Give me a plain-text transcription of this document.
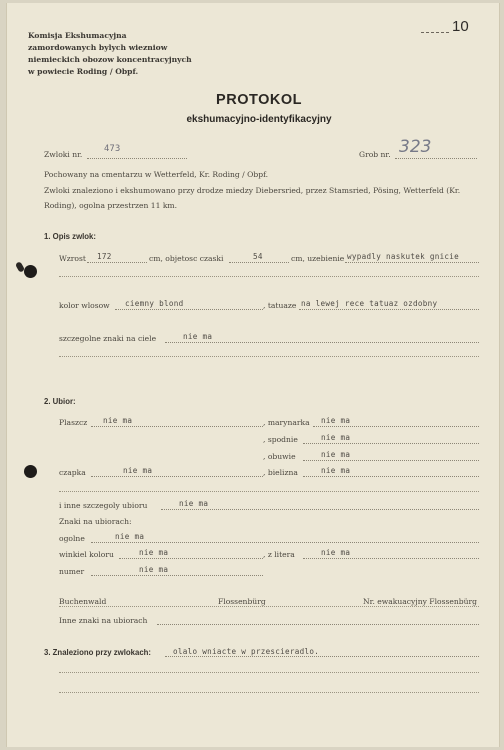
Komisja Ekshumacyjna
zamordowanych bylych wiezniow
niemieckich obozow koncentracyjnych
w powiecie Roding / Obpf.
10
PROTOKOL
ekshumacyjno-identyfikacyjny
Zwloki nr.
473
Grob nr. 323
Pochowany na cmentarzu w Wetterfeld, Kr. Roding / Obpf.
Zwloki znaleziono i ekshumowano przy drodze miedzy Diebersried, przez Stamsried, Pösing, Wetterfeld (Kr.
Roding), ogolna przestrzen 11 km.
1. Opis zwlok:
Wzrost 172	cm, objetosc czaski	54	cm, uzebienie wypadly naskutek gnicie
kolor wlosow ciemny blond	, tatuaze na lewej rece tatuaz ozdobny
szczegolne znaki na ciele	nie ma
2. Ubior:
Plaszcz nie ma	, marynarka nie ma
, spodnie	nie ma
, obuwie	nie ma
czapka	nie ma	, bielizna	nie ma
i inne szczegoly ubioru	nie ma
Znaki na ubiorach:
ogolne	nie ma
winkiel koloru	nie ma	, z litera	nie ma
numer	nie ma
Buchenwald	Flossenbürg	Nr. ewakuacyjny Flossenbürg
Inne znaki na ubiorach
3. Znaleziono przy zwlokach:	olalo wniacte w przescieradlo.
